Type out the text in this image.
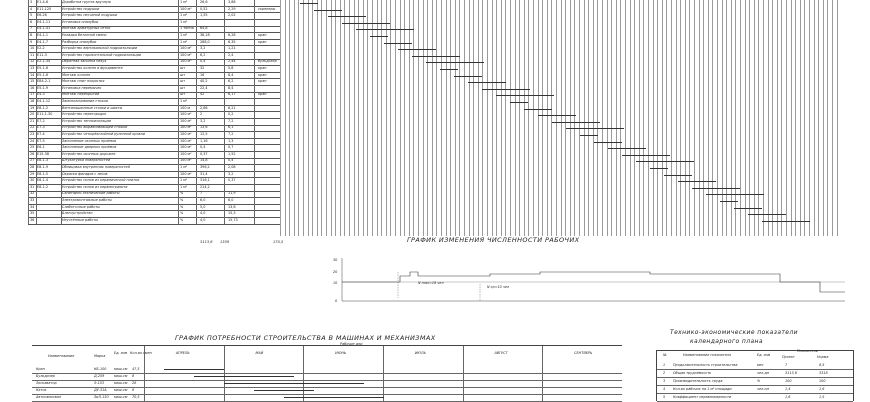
3	Е1-4-6	Доработка грунта вручную	1 м³	26,6	3,88
4	Е11-120	Устройство подушки	100 м³	0,52	2,29	скреперы
5	Е6-26	Устройство песчаной подушки	1 м³	1,55	2,02
6	Е4-1-11	Установка опалубки	1 м²
7	Е4-1-41	Монтаж арматурных сеток	1 тонна 64,8
8	Е4-1-1	Укладка бетонной смеси	1 м³	38,18	6,28	кран
9	Е4-1-7	Разборка опалубки	1 м²	288,0	6,35	кран
10 Е2-2	Устройство вертикальной гидроизоляции	100 м²	3,2	1,21
11 Е11-3	Устройство горизонтальной гидроизоляции	100 м²	6,2	2,4
12 Е2-1-34	Обратная засыпка пазух	100 м³	0,4	2,44	бульдозер
13 Е5-1-6	Устройство колонн в фундаменте	шт	32	5,8	кран
14 Е5-1-6	Монтаж колонн	шт	16	8,4	кран
15 ЕВ4-2-1	Монтаж плит покрытия	шт	40,2	6,2	кран
16 Е5-1-9	Установка перемычек	шт	22,4	8,4
17 Е4-3	Монтаж перекрытий	шт	42	6,17	кран
18 Е4-1-12	Замоноличивание стыков	1 м³
19 Е8-1-2	Вентиляционные стояки и шахты	100 м	2,86	6,21
20 Е11-1-30	Устройство перегородок	100 м²	2	0,2
21 Е7-2	Устройство теплоизоляции	100 м²	3,2	7,2
22 Е7-3	Устройство выравнивающей стяжки	100 м²	13,6	6,1
23 Е7-4	Устройство четырёхслойной рулонной кровли	100 м²	12,5	7,2
24 Е7-5	Заполнение оконных проёмов	100 м²	1,16	1,3
25 Е6-1	Заполнение дверных проёмов	100 м²	0,4	0,7
26 Е15-38	Устройство оконных дорожек	100 м²	0,37	1,52
27 Е8-1-3	Штукатурка поверхностей	100 м²	14,8	0,4
28 Е8-1-9	Облицовка внутренних поверхностей	1 м²	396,2	2,08
29 Е8-1-5	Окраска фасадов с лесов	100 м²	31,4	3,2
30 Е8-1-4	Устройство полов из керамической плитки	1 м²	316,1	0,37
31 Е8-1-2	Устройство полов из керамогранита	1 м²	214,2
32	Санитарно-технические работы	%	7	11,9
33	Электромонтажные работы	%	6,0	6,0
34	Слаботочные работы	%	5,0	13,6
35	Благоустройство	%	4,0	15,3
36	Неучтённые работы	%	4,0	15,73
3113,6 1359	170,5	ГРАФИК ИЗМЕНЕНИЯ ЧИСЛЕННОСТИ РАБОЧИХ
30
20
10
0
N max=16 чел
N ср=10 чел
ГРАФИК ПОТРЕБНОСТИ СТРОИТЕЛЬСТВА В МАШИНАХ И МЕХАНИЗМАХ
Рабочие дни
Наименование	Марка
Ед. изм Кол-во смен	АПРЕЛЬ	МАЙ	ИЮНЬ	ИЮЛЬ	АВГУСТ	СЕНТЯБРЬ
Кран	КБ-100 маш-см 47,5
Бульдозер	Д-259	маш-см 8
Экскаватор	Э-153	маш-см 28
Каток	ДУ-31А маш-см 8
Автосамосвал	ЗиЛ-130 маш-см 70,5
Технико-экономические показатели
календарного плана
№	Наименование показателя	Ед. изм
Показатели
Проект	Норма
1 Продолжительность строительства	мес	7	8,5
2 Общая трудоёмкость	чел-дн	3113,6	3318
3 Производительность труда	%	100	100
4 Кол-во рабочих на 1 м² площади	чел-см	1,4	1,6
5 Коэффициент неравномерности	1,6	1,5
